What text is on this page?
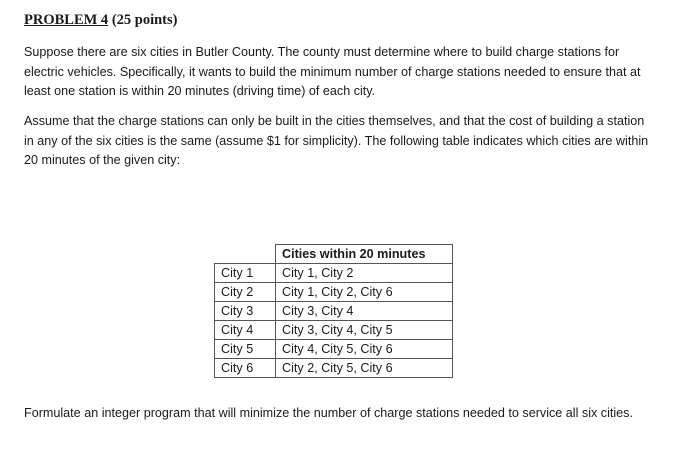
PROBLEM 4 (25 points)

Suppose there are six cities in Butler County. The county must determine where to build charge stations for electric vehicles. Specifically, it wants to build the minimum number of charge stations needed to ensure that at least one station is within 20 minutes (driving time) of each city.

Assume that the charge stations can only be built in the cities themselves, and that the cost of building a station in any of the six cities is the same (assume $1 for simplicity). The following table indicates which cities are within 20 minutes of the given city:

	Cities within 20 minutes
City 1	City 1, City 2
City 2	City 1, City 2, City 6
City 3	City 3, City 4
City 4	City 3, City 4, City 5
City 5	City 4, City 5, City 6
City 6	City 2, City 5, City 6

Formulate an integer program that will minimize the number of charge stations needed to service all six cities.
